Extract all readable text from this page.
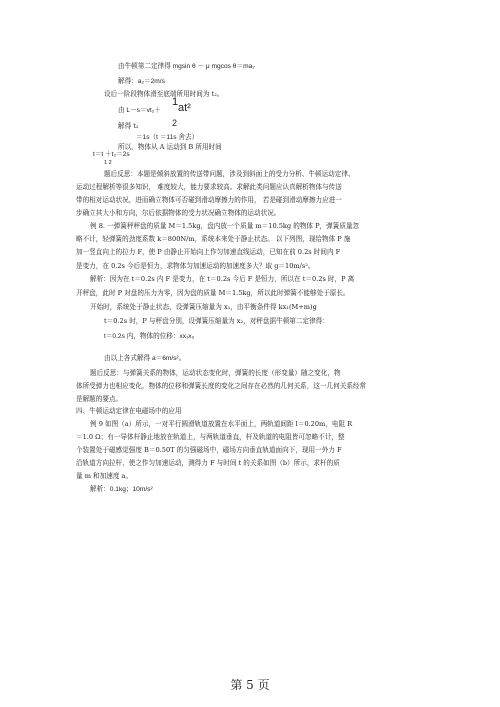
由牛顿第二定律得 mgsin θ － μ mgcos θ＝ma₂
解得：a₂＝2m/s
设后一阶段物体滑至底端所用时间为 t₂。
1
由 L－s＝vt₂＋ at²
2
解得 t₂
＝1s（t ＝11s 舍去）
所以，物体从 A 运动到 B 所用时间
t＝t ＋t₂＝2s
1 2
题后反思：本题是倾斜放置的传送带问题，涉及到斜面上的受力分析、牛顿运动定律、
运动过程解析等很多知识， 难度较大，能力要求较高。求解此类问题应认真解析物体与传送
带的相对运动状况，进而确立物体可否碰到滑动摩擦力的作用， 若是碰到滑动摩擦力应进一
步确立其大小和方向，尔后依据物体的受力状况确立物体的运动状况。
例 8. 一弹簧秤秤盘的质量 M＝1.5kg，盘内放一个质量 m＝10.5kg 的物体 P，弹簧质量忽
略不计，轻弹簧的劲度系数 k＝800N/m，系统本来处于静止状态。 以下列图，现给物体 P 施
加一竖直向上的拉力 F，使 P 由静止开始向上作匀加速直线运动，已知在前 0.2s 时间内 F
是变力，在 0.2s 今后是恒力，求物体匀加速运动的加速度多大？取 g＝10m/s²。
解析：因为在 t＝0.2s 内 F 是变力，在 t＝0.2s 今后 F 是恒力，所以在 t＝0.2s 时，P 离
开秤盘，此时 P 对盘的压力为零，因为盘的质量 M＝1.5kg，所以此时弹簧不能够处于原长。
开始时，系统处于静止状态，设弹簧压缩量为 x₁，由平衡条件得 kx₁(M+m)g
t＝0.2s 时，P 与秤盘分别，设弹簧压缩量为 x₂，对秤盘据牛顿第二定律得：
t＝0.2s 内，物体的位移：xx₁x₂
由以上各式解得 a＝6m/s²。
题后反思：与弹簧关系的物体，运动状态变化时，弹簧的长度（形变量）随之变化，物
体所受弹力也相应变化，物体的位移和弹簧长度的变化之间存在必然的几何关系，这一几何关系经常
是解题的要点。
四、牛顿运动定律在电磁场中的应用
例 9 如图（a）所示，一对平行圆滑轨道放置在水平面上，两轨道间距 l＝0.20m，电阻 R
＝1.0 Ω；有一导体杆静止地放在轨道上，与两轨道垂直，杆及轨道的电阻皆可忽略不计，整
个装置处于磁感觉强度 B＝0.50T 的匀强磁场中，磁场方向垂直轨道面向下，现用一外力 F
沿轨道方向拉杆，使之作匀加速运动，测得力 F 与时间 t 的关系如图（b）所示，求杆的质
量 m 和加速度 a。
解析：0.1kg；10m/s²
第 5 页
